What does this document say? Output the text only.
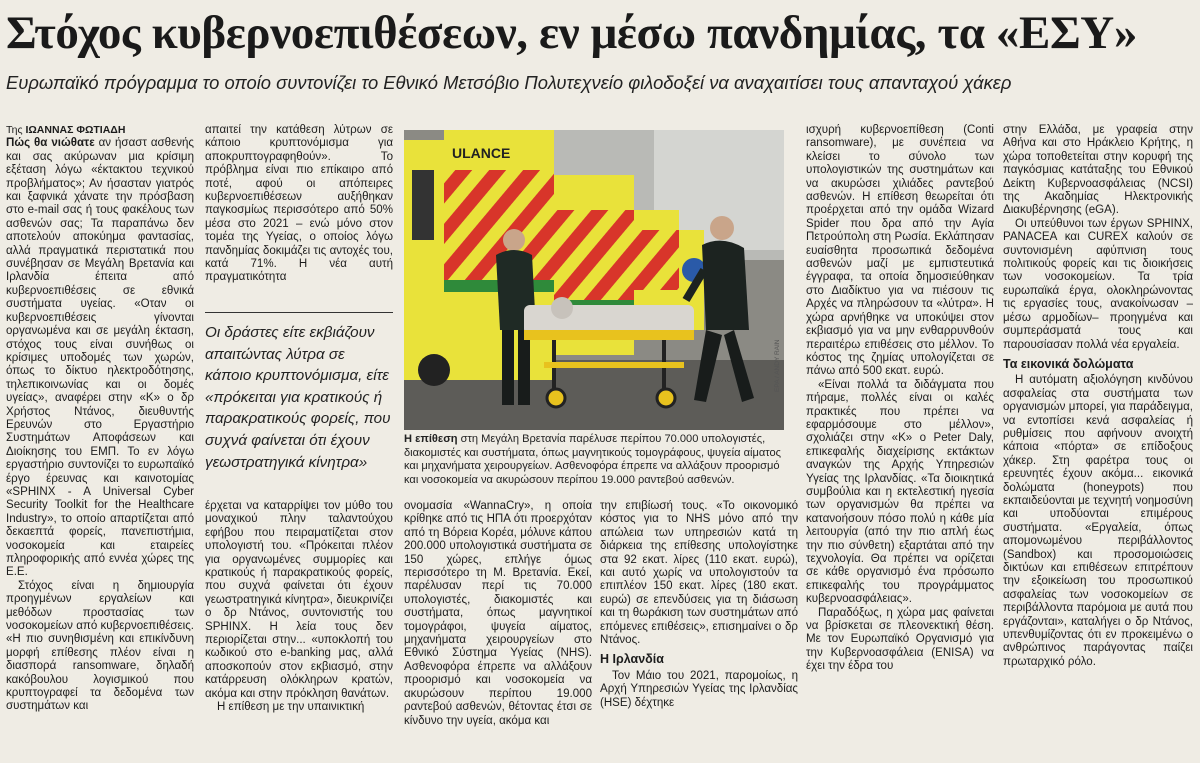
Στόχος κυβερνοεπιθέσεων, εν μέσω πανδημίας, τα «ΕΣΥ»
Ευρωπαϊκό πρόγραμμα το οποίο συντονίζει το Εθνικό Μετσόβιο Πολυτεχνείο φιλοδοξεί να αναχαιτίσει τους απανταχού χάκερ

Της ΙΩΑΝΝΑΣ ΦΩΤΙΑΔΗ

Πώς θα νιώθατε αν ήσαστ ασθενής και σας ακύρωναν μια κρίσιμη εξέταση λόγω «έκτακτου τεχνικού προβλήματος»; Αν ήσασταν γιατρός και ξαφνικά χάνατε την πρόσβαση στο e-mail σας ή τους φακέλους των ασθενών σας; Τα παραπάνω δεν αποτελούν αποκύημα φαντασίας, αλλά πραγματικά περιστατικά που συνέβησαν σε Μεγάλη Βρετανία και Ιρλανδία έπειτα από κυβερνοεπιθέσεις σε εθνικά συστήματα υγείας. «Οταν οι κυβερνοεπιθέσεις γίνονται οργανωμένα και σε μεγάλη έκταση, στόχος τους είναι συνήθως οι κρίσιμες υποδομές των χωρών, όπως το δίκτυο ηλεκτροδότησης, τηλεπικοινωνίας και οι δομές υγείας», αναφέρει στην «Κ» ο δρ Χρήστος Ντάνος, διευθυντής Ερευνών στο Εργαστήριο Συστημάτων Αποφάσεων και Διοίκησης του ΕΜΠ. Το εν λόγω εργαστήριο συντονίζει το ευρωπαϊκό έργο έρευνας και καινοτομίας «SPHINX - A Universal Cyber Security Toolkit for the Healthcare Industry», το οποίο απαρτίζεται από δεκαεπτά φορείς, πανεπιστήμια, νοσοκομεία και εταιρείες πληροφορικής από εννέα χώρες της Ε.Ε.

Στόχος είναι η δημιουργία προηγμένων εργαλείων και μεθόδων προστασίας των νοσοκομείων από κυβερνοεπιθέσεις. «Η πιο συνηθισμένη και επικίνδυνη μορφή επίθεσης πλέον είναι η διασπορά ransomware, δηλαδή κακόβουλου λογισμικού που κρυπτογραφεί τα δεδομένα των συστημάτων και

απαιτεί την κατάθεση λύτρων σε κάποιο κρυπτονόμισμα για αποκρυπτογραφηθούν». Το πρόβλημα είναι πιο επίκαιρο από ποτέ, αφού οι απόπειρες κυβερνοεπιθέσεων αυξήθηκαν παγκοσμίως περισσότερο από 50% μέσα στο 2021 – ενώ μόνο στον τομέα της Υγείας, ο οποίος λόγω πανδημίας δοκιμάζει τις αντοχές του, κατά 71%. Η νέα αυτή πραγματικότητα

Οι δράστες είτε εκβιάζουν απαιτώντας λύτρα σε κάποιο κρυπτονόμισμα, είτε «πρόκειται για κρατικούς ή παρακρατικούς φορείς, που συχνά φαίνεται ότι έχουν γεωστρατηγικά κίνητρα»

έρχεται να καταρρίψει τον μύθο του μοναχικού πλην ταλαντούχου εφήβου που πειραματίζεται στον υπολογιστή του. «Πρόκειται πλέον για οργανωμένες συμμορίες και κρατικούς ή παρακρατικούς φορείς, που συχνά φαίνεται ότι έχουν γεωστρατηγικά κίνητρα», διευκρινίζει ο δρ Ντάνος, συντονιστής του SPHINX. Η λεία τους δεν περιορίζεται στην... «υποκλοπή του κωδικού στο e-banking μας, αλλά αποσκοπούν στον εκβιασμό, στην κατάρρευση ολόκληρων κρατών, ακόμα και στην πρόκληση θανάτων.

Η επίθεση με την υπαινικτική

ULANCE
EPA / ANDY RAIN
Η επίθεση στη Μεγάλη Βρετανία παρέλυσε περίπου 70.000 υπολογιστές, διακομιστές και συστήματα, όπως μαγνητικούς τομογράφους, ψυγεία αίματος και μηχανήματα χειρουργείων. Ασθενοφόρα έπρεπε να αλλάξουν προορισμό και νοσοκομεία να ακυρώσουν περίπου 19.000 ραντεβού ασθενών.

ονομασία «WannaCry», η οποία κρίθηκε από τις ΗΠΑ ότι προερχόταν από τη Βόρεια Κορέα, μόλυνε κάπου 200.000 υπολογιστικά συστήματα σε 150 χώρες, επλήγε όμως περισσότερο τη Μ. Βρετανία. Εκεί, παρέλυσαν περί τις 70.000 υπολογιστές, διακομιστές και συστήματα, όπως μαγνητικοί τομογράφοι, ψυγεία αίματος, μηχανήματα χειρουργείων στο Εθνικό Σύστημα Υγείας (NHS). Ασθενοφόρα έπρεπε να αλλάξουν προορισμό και νοσοκομεία να ακυρώσουν περίπου 19.000 ραντεβού ασθενών, θέτοντας έτσι σε κίνδυνο την υγεία, ακόμα και

την επιβίωσή τους. «Το οικονομικό κόστος για το NHS μόνο από την απώλεια των υπηρεσιών κατά τη διάρκεια της επίθεσης υπολογίστηκε στα 92 εκατ. λίρες (110 εκατ. ευρώ), και αυτό χωρίς να υπολογιστούν τα επιπλέον 150 εκατ. λίρες (180 εκατ. ευρώ) σε επενδύσεις για τη διάσωση και τη θωράκιση των συστημάτων από επόμενες επιθέσεις», επισημαίνει ο δρ Ντάνος.

Η Ιρλανδία

Τον Μάιο του 2021, παρομοίως, η Αρχή Υπηρεσιών Υγείας της Ιρλανδίας (HSE) δέχτηκε

ισχυρή κυβερνοεπίθεση (Conti ransomware), με συνέπεια να κλείσει το σύνολο των υπολογιστικών της συστημάτων και να ακυρώσει χιλιάδες ραντεβού ασθενών. Η επίθεση θεωρείται ότι προέρχεται από την ομάδα Wizard Spider που δρα από την Αγία Πετρούπολη στη Ρωσία. Εκλάπησαν ευαίσθητα προσωπικά δεδομένα ασθενών μαζί με εμπιστευτικά έγγραφα, τα οποία δημοσιεύθηκαν στο Διαδίκτυο για να πιέσουν τις Αρχές να πληρώσουν τα «λύτρα». Η χώρα αρνήθηκε να υποκύψει στον εκβιασμό για να μην ενθαρρυνθούν περαιτέρω επιθέσεις στο μέλλον. Το κόστος της ζημίας υπολογίζεται σε πάνω από 500 εκατ. ευρώ.

«Είναι πολλά τα διδάγματα που πήραμε, πολλές είναι οι καλές πρακτικές που πρέπει να εφαρμόσουμε στο μέλλον», σχολιάζει στην «Κ» ο Peter Daly, επικεφαλής διαχείρισης εκτάκτων αναγκών της Αρχής Υπηρεσιών Υγείας της Ιρλανδίας. «Τα διοικητικά συμβούλια και η εκτελεστική ηγεσία των οργανισμών θα πρέπει να κατανοήσουν πόσο πολύ η κάθε μία λειτουργία (από την πιο απλή έως την πιο σύνθετη) εξαρτάται από την τεχνολογία. Θα πρέπει να ορίζεται σε κάθε οργανισμό ένα πρόσωπο επικεφαλής του προγράμματος κυβερνοασφάλειας».

Παραδόξως, η χώρα μας φαίνεται να βρίσκεται σε πλεονεκτική θέση. Με τον Ευρωπαϊκό Οργανισμό για την Κυβερνοασφάλεια (ENISA) να έχει την έδρα του

στην Ελλάδα, με γραφεία στην Αθήνα και στο Ηράκλειο Κρήτης, η χώρα τοποθετείται στην κορυφή της παγκόσμιας κατάταξης του Εθνικού Δείκτη Κυβερνοασφάλειας (NCSI) της Ακαδημίας Ηλεκτρονικής Διακυβέρνησης (eGA).

Οι υπεύθυνοι των έργων SPHINX, PANACEA και CUREX καλούν σε συντονισμένη αφύπνιση τους πολιτικούς φορείς και τις διοικήσεις των νοσοκομείων. Τα τρία ευρωπαϊκά έργα, ολοκληρώνοντας τις εργασίες τους, ανακοίνωσαν –μέσω αρμοδίων– προηγμένα και συμπεράσματά τους και παρουσίασαν πολλά νέα εργαλεία.

Τα εικονικά δολώματα

Η αυτόματη αξιολόγηση κινδύνου ασφαλείας στα συστήματα των οργανισμών μπορεί, για παράδειγμα, να εντοπίσει κενά ασφαλείας ή ρυθμίσεις που αφήνουν ανοιχτή κάποια «πόρτα» σε επίδοξους χάκερ. Στη φαρέτρα τους οι ερευνητές έχουν ακόμα... εικονικά δολώματα (honeypots) που εκπαιδεύονται με τεχνητή νοημοσύνη και υποδύονται επιμέρους συστήματα. «Εργαλεία, όπως απομονωμένου περιβάλλοντος (Sandbox) και προσομοιώσεις δικτύων και επιθέσεων επιτρέπουν την εξοικείωση του προσωπικού ασφαλείας των νοσοκομείων σε περιβάλλοντα παρόμοια με αυτά που εργάζονται», καταλήγει ο δρ Ντάνος, υπενθυμίζοντας ότι εν προκειμένω ο ανθρώπινος παράγοντας παίζει πρωταρχικό ρόλο.
